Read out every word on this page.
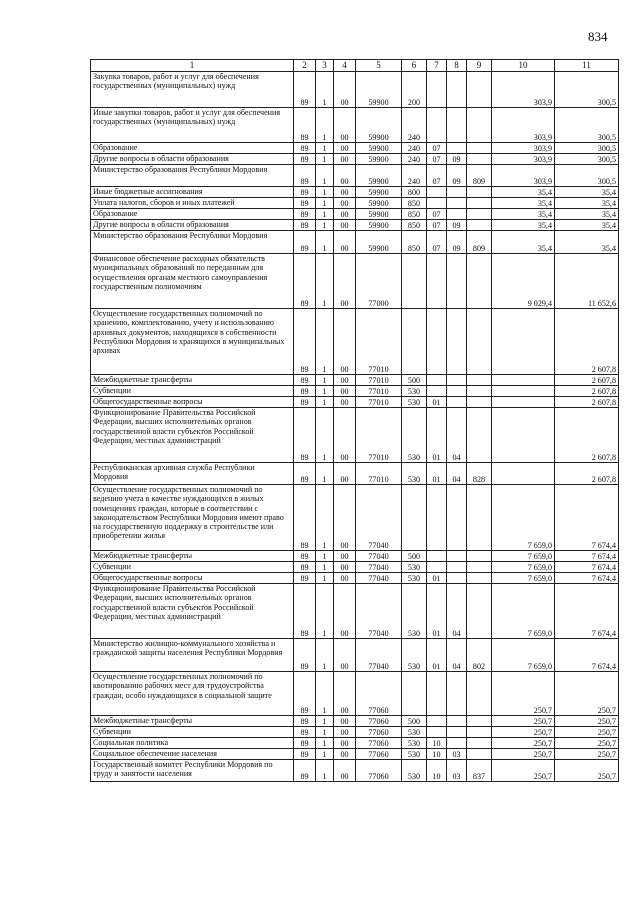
834
1	2	3	4	5	6	7	8	9	10	11

Закупка товаров, работ и услуг для обеспечения государственных (муниципальных) нужд	89	1	00	59900	200				303,9	300,5

Иные закупки товаров, работ и услуг для обеспечения государственных (муниципальных) нужд	89	1	00	59900	240				303,9	300,5

Образование	89	1	00	59900	240	07			303,9	300,5

Другие вопросы в области образования	89	1	00	59900	240	07	09		303,9	300,5

Министерство образования Республики Мордовия	89	1	00	59900	240	07	09	809	303,9	300,5

Иные бюджетные ассигнования	89	1	00	59900	800				35,4	35,4

Уплата налогов, сборов и иных платежей	89	1	00	59900	850				35,4	35,4

Образование	89	1	00	59900	850	07			35,4	35,4

Другие вопросы в области образования	89	1	00	59900	850	07	09		35,4	35,4

Министерство образования Республики Мордовия	89	1	00	59900	850	07	09	809	35,4	35,4

Финансовое обеспечение расходных обязательств муниципальных образований по переданным для осуществления органам местного самоуправления государственным полномочиям	89	1	00	77000					9 029,4	11 652,6

Осуществление государственных полномочий по хранению, комплектованию, учету и использованию архивных документов, находящихся в собственности Республики Мордовия и хранящихся в муниципальных архивах	89	1	00	77010						2 607,8

Межбюджетные трансферты	89	1	00	77010	500					2 607,8

Субвенции	89	1	00	77010	530					2 607,8

Общегосударственные вопросы	89	1	00	77010	530	01				2 607,8

Функционирование Правительства Российской Федерации, высших исполнительных органов государственной власти субъектов Российской Федерации, местных администраций	89	1	00	77010	530	01	04			2 607,8

Республиканская архивная служба Республики Мордовия	89	1	00	77010	530	01	04	828		2 607,8

Осуществление государственных полномочий по ведению учета в качестве нуждающихся в жилых помещениях граждан, которые в соответствии с законодательством Республики Мордовия имеют право на государственную поддержку в строительстве или приобретении жилья	89	1	00	77040					7 659,0	7 674,4

Межбюджетные трансферты	89	1	00	77040	500				7 659,0	7 674,4

Субвенции	89	1	00	77040	530				7 659,0	7 674,4

Общегосударственные вопросы	89	1	00	77040	530	01			7 659,0	7 674,4

Функционирование Правительства Российской Федерации, высших исполнительных органов государственной власти субъектов Российской Федерации, местных администраций	89	1	00	77040	530	01	04		7 659,0	7 674,4

Министерство жилищно-коммунального хозяйства и гражданской защиты населения Республики Мордовия	89	1	00	77040	530	01	04	802	7 659,0	7 674,4

Осуществление государственных полномочий по квотированию рабочих мест для трудоустройства граждан, особо нуждающихся в социальной защите	89	1	00	77060					250,7	250,7

Межбюджетные трансферты	89	1	00	77060	500				250,7	250,7

Субвенции	89	1	00	77060	530				250,7	250,7

Социальная политика	89	1	00	77060	530	10			250,7	250,7

Социальное обеспечение населения	89	1	00	77060	530	10	03		250,7	250,7

Государственный комитет Республики Мордовия по труду и занятости населения	89	1	00	77060	530	10	03	837	250,7	250,7
